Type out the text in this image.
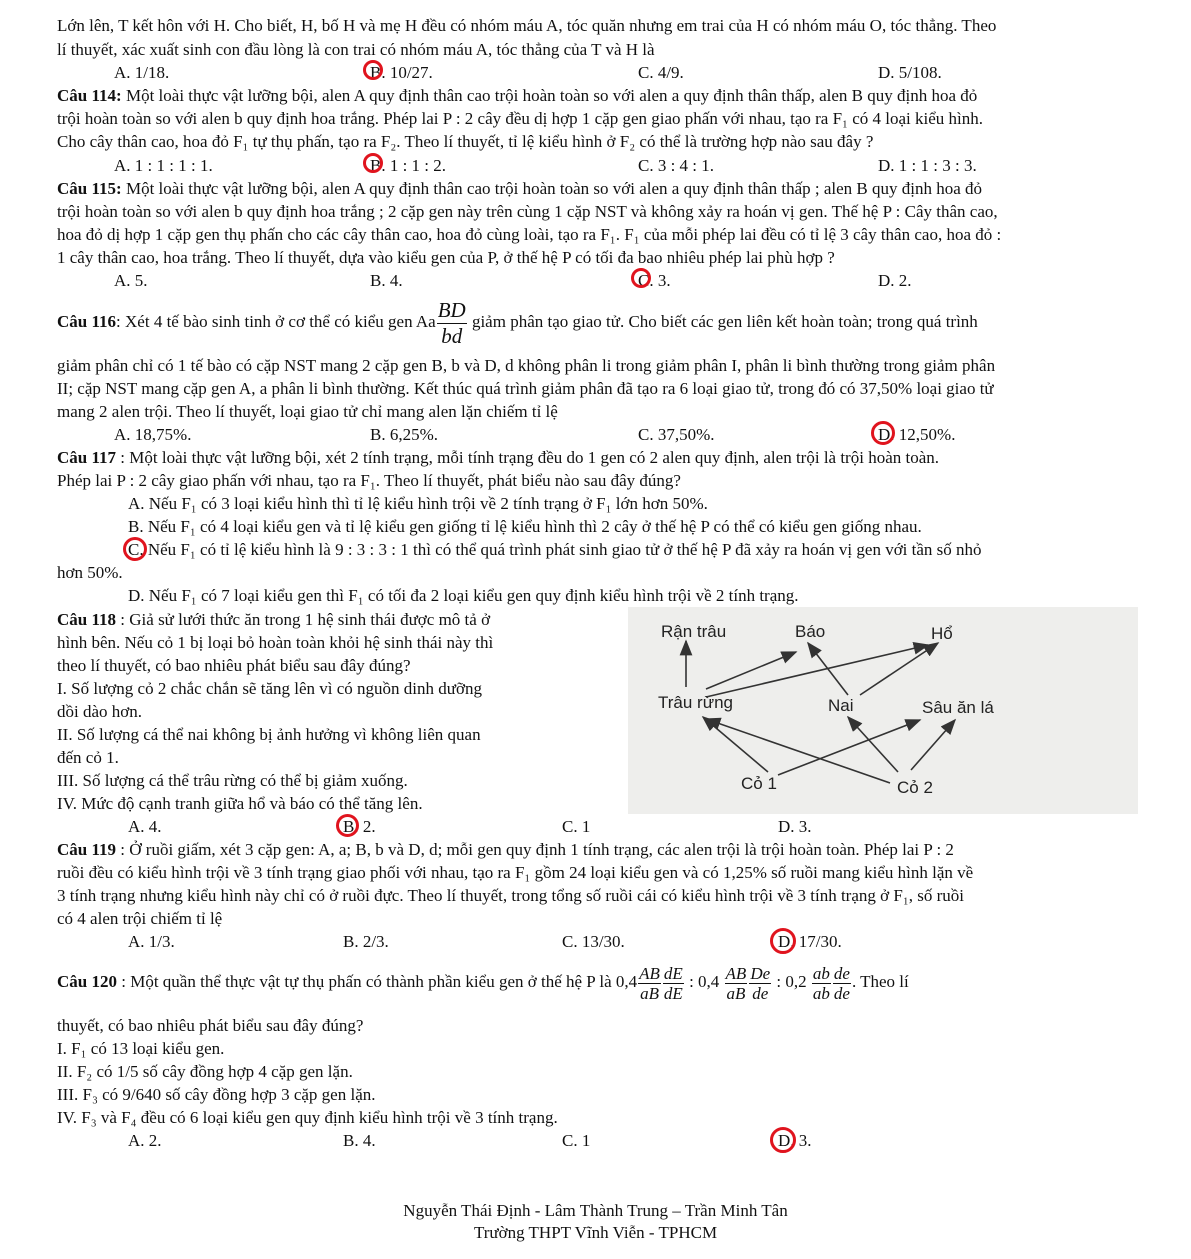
Lớn lên, T kết hôn với H. Cho biết, H, bố H và mẹ H đều có nhóm máu A, tóc quăn nhưng em trai của H có nhóm máu O, tóc thẳng. Theo
lí thuyết, xác xuất sinh con đầu lòng là con trai có nhóm máu A, tóc thẳng của T và H là
A. 1/18.	B. 10/27.	C. 4/9.	D. 5/108.
Câu 114: Một loài thực vật lưỡng bội, alen A quy định thân cao trội hoàn toàn so với alen a quy định thân thấp, alen B quy định hoa đỏ
trội hoàn toàn so với alen b quy định hoa trắng. Phép lai P : 2 cây đều dị hợp 1 cặp gen giao phấn với nhau, tạo ra F₁ có 4 loại kiểu hình.
Cho cây thân cao, hoa đỏ F₁ tự thụ phấn, tạo ra F₂. Theo lí thuyết, tỉ lệ kiểu hình ở F₂ có thể là trường hợp nào sau đây ?
A. 1 : 1 : 1 : 1.	B. 1 : 1 : 2.	C. 3 : 4 : 1.	D. 1 : 1 : 3 : 3.
Câu 115: Một loài thực vật lưỡng bội, alen A quy định thân cao trội hoàn toàn so với alen a quy định thân thấp ; alen B quy định hoa đỏ
trội hoàn toàn so với alen b quy định hoa trắng ; 2 cặp gen này trên cùng 1 cặp NST và không xảy ra hoán vị gen. Thế hệ P : Cây thân cao,
hoa đỏ dị hợp 1 cặp gen thụ phấn cho các cây thân cao, hoa đỏ cùng loài, tạo ra F₁. F₁ của mỗi phép lai đều có tỉ lệ 3 cây thân cao, hoa đỏ :
1 cây thân cao, hoa trắng. Theo lí thuyết, dựa vào kiểu gen của P, ở thế hệ P có tối đa bao nhiêu phép lai phù hợp ?
A. 5.	B. 4.	C. 3.	D. 2.
Câu 116: Xét 4 tế bào sinh tinh ở cơ thể có kiểu gen Aa $\frac{BD}{bd}$ giảm phân tạo giao tử. Cho biết các gen liên kết hoàn toàn; trong quá trình
giảm phân chỉ có 1 tế bào có cặp NST mang 2 cặp gen B, b và D, d không phân li trong giảm phân I, phân li bình thường trong giảm phân
II; cặp NST mang cặp gen A, a phân li bình thường. Kết thúc quá trình giảm phân đã tạo ra 6 loại giao tử, trong đó có 37,50% loại giao tử
mang 2 alen trội. Theo lí thuyết, loại giao tử chỉ mang alen lặn chiếm tỉ lệ
A. 18,75%.	B. 6,25%.	C. 37,50%.	D. 12,50%.
Câu 117 : Một loài thực vật lưỡng bội, xét 2 tính trạng, mỗi tính trạng đều do 1 gen có 2 alen quy định, alen trội là trội hoàn toàn.
Phép lai P : 2 cây giao phấn với nhau, tạo ra F₁. Theo lí thuyết, phát biểu nào sau đây đúng?
A. Nếu F₁ có 3 loại kiểu hình thì tỉ lệ kiểu hình trội về 2 tính trạng ở F₁ lớn hơn 50%.
B. Nếu F₁ có 4 loại kiểu gen và tỉ lệ kiểu gen giống tỉ lệ kiểu hình thì 2 cây ở thế hệ P có thể có kiểu gen giống nhau.
C. Nếu F₁ có tỉ lệ kiểu hình là 9 : 3 : 3 : 1 thì có thể quá trình phát sinh giao tử ở thế hệ P đã xảy ra hoán vị gen với tần số nhỏ
hơn 50%.
D. Nếu F₁ có 7 loại kiểu gen thì F₁ có tối đa 2 loại kiểu gen quy định kiểu hình trội về 2 tính trạng.
Câu 118 : Giả sử lưới thức ăn trong 1 hệ sinh thái được mô tả ở
hình bên. Nếu cỏ 1 bị loại bỏ hoàn toàn khỏi hệ sinh thái này thì
theo lí thuyết, có bao nhiêu phát biểu sau đây đúng?
I. Số lượng cỏ 2 chắc chắn sẽ tăng lên vì có nguồn dinh dưỡng
dồi dào hơn.
II. Số lượng cá thể nai không bị ảnh hưởng vì không liên quan
đến cỏ 1.
III. Số lượng cá thể trâu rừng có thể bị giảm xuống.
IV. Mức độ cạnh tranh giữa hổ và báo có thể tăng lên.
Rận trâu	Báo	Hổ
Trâu rừng	Nai	Sâu ăn lá
Cỏ 1	Cỏ 2
A. 4.	B. 2.	C. 1	D. 3.
Câu 119 : Ở ruồi giấm, xét 3 cặp gen: A, a; B, b và D, d; mỗi gen quy định 1 tính trạng, các alen trội là trội hoàn toàn. Phép lai P : 2
ruồi đều có kiểu hình trội về 3 tính trạng giao phối với nhau, tạo ra F₁ gồm 24 loại kiểu gen và có 1,25% số ruồi mang kiểu hình lặn về
3 tính trạng nhưng kiểu hình này chỉ có ở ruồi đực. Theo lí thuyết, trong tổng số ruồi cái có kiểu hình trội về 3 tính trạng ở F₁, số ruồi
có 4 alen trội chiếm tỉ lệ
A. 1/3.	B. 2/3.	C. 13/30.	D. 17/30.
Câu 120 : Một quần thể thực vật tự thụ phấn có thành phần kiểu gen ở thế hệ P là $0,4 \frac{AB}{aB} \frac{dE}{dE}$ : $0,4 \frac{AB}{aB} \frac{De}{de}$ : $0,2 \frac{ab}{ab} \frac{de}{de}$ . Theo lí
thuyết, có bao nhiêu phát biểu sau đây đúng?
I. F₁ có 13 loại kiểu gen.
II. F₂ có 1/5 số cây đồng hợp 4 cặp gen lặn.
III. F₃ có 9/640 số cây đồng hợp 3 cặp gen lặn.
IV. F₃ và F₄ đều có 6 loại kiểu gen quy định kiểu hình trội về 3 tính trạng.
A. 2.	B. 4.	C. 1	D. 3.
Nguyễn Thái Định - Lâm Thành Trung – Trần Minh Tân
Trường THPT Vĩnh Viễn - TPHCM
